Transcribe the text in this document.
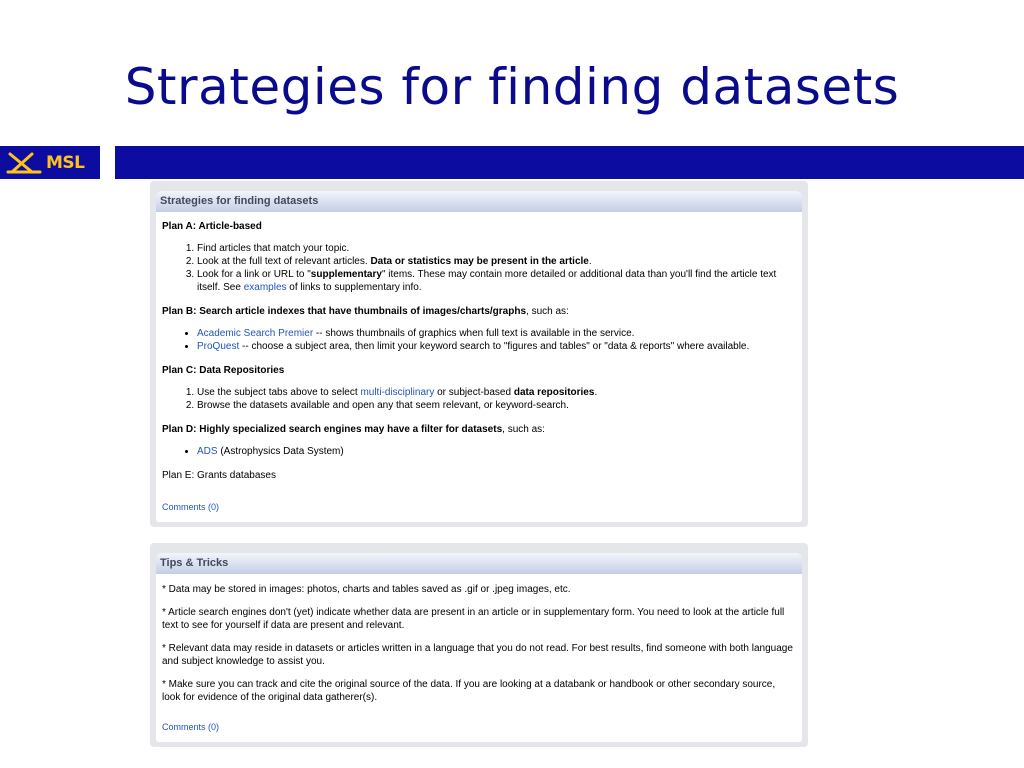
Strategies for finding datasets
MSL
Strategies for finding datasets

Plan A: Article-based

1. Find articles that match your topic.
2. Look at the full text of relevant articles. Data or statistics may be present in the article.
3. Look for a link or URL to "supplementary" items. These may contain more detailed or additional data than you'll find the article text itself. See examples of links to supplementary info.

Plan B: Search article indexes that have thumbnails of images/charts/graphs, such as:

• Academic Search Premier -- shows thumbnails of graphics when full text is available in the service.
• ProQuest -- choose a subject area, then limit your keyword search to "figures and tables" or "data & reports" where available.

Plan C: Data Repositories

1. Use the subject tabs above to select multi-disciplinary or subject-based data repositories.
2. Browse the datasets available and open any that seem relevant, or keyword-search.

Plan D: Highly specialized search engines may have a filter for datasets, such as:

• ADS (Astrophysics Data System)

Plan E: Grants databases

Comments (0)

Tips & Tricks

* Data may be stored in images: photos, charts and tables saved as .gif or .jpeg images, etc.

* Article search engines don't (yet) indicate whether data are present in an article or in supplementary form. You need to look at the article full text to see for yourself if data are present and relevant.

* Relevant data may reside in datasets or articles written in a language that you do not read. For best results, find someone with both language and subject knowledge to assist you.

* Make sure you can track and cite the original source of the data. If you are looking at a databank or handbook or other secondary source, look for evidence of the original data gatherer(s).

Comments (0)
